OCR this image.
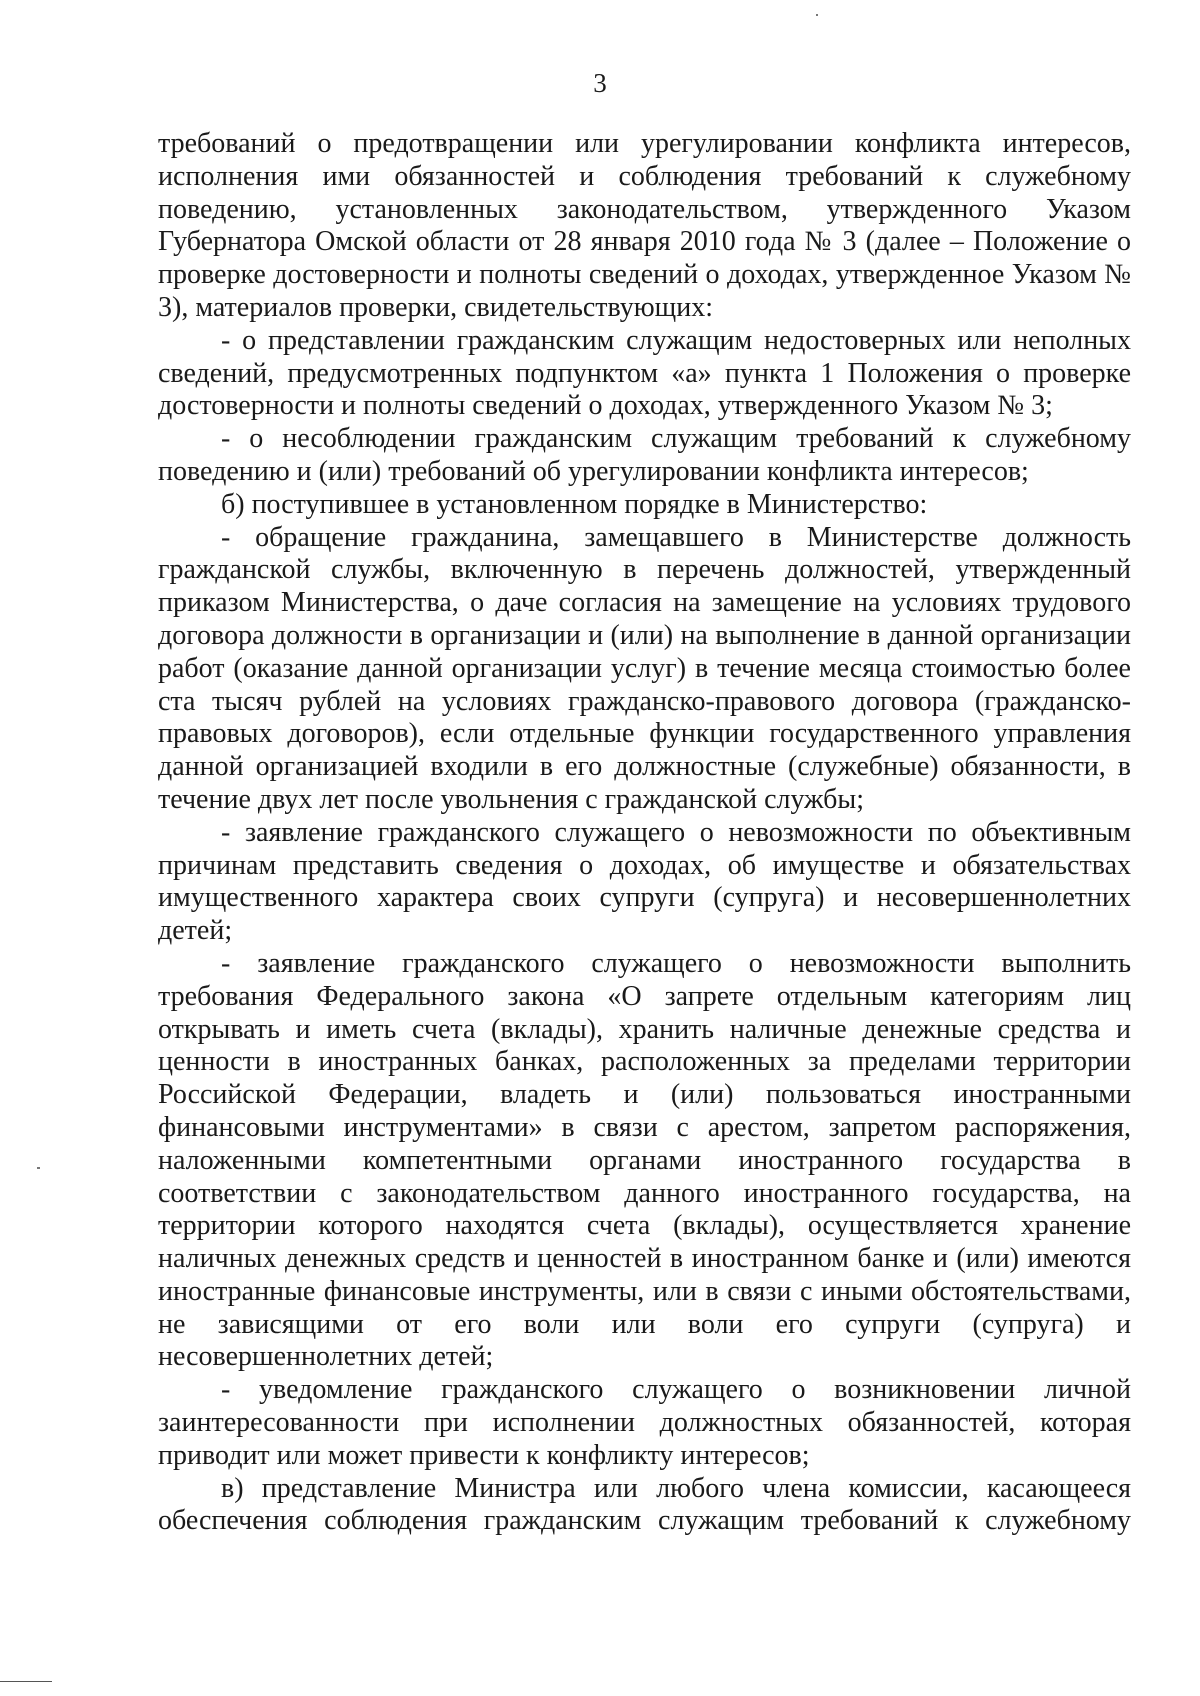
3

требований о предотвращении или урегулировании конфликта интересов, исполнения ими обязанностей и соблюдения требований к служебному поведению, установленных законодательством, утвержденного Указом Губернатора Омской области от 28 января 2010 года № 3 (далее – Положение о проверке достоверности и полноты сведений о доходах, утвержденное Указом № 3), материалов проверки, свидетельствующих:

- о представлении гражданским служащим недостоверных или неполных сведений, предусмотренных подпунктом «а» пункта 1 Положения о проверке достоверности и полноты сведений о доходах, утвержденного Указом № 3;

- о несоблюдении гражданским служащим требований к служебному поведению и (или) требований об урегулировании конфликта интересов;

б) поступившее в установленном порядке в Министерство:

- обращение гражданина, замещавшего в Министерстве должность гражданской службы, включенную в перечень должностей, утвержденный приказом Министерства, о даче согласия на замещение на условиях трудового договора должности в организации и (или) на выполнение в данной организации работ (оказание данной организации услуг) в течение месяца стоимостью более ста тысяч рублей на условиях гражданско-правового договора (гражданско-правовых договоров), если отдельные функции государственного управления данной организацией входили в его должностные (служебные) обязанности, в течение двух лет после увольнения с гражданской службы;

- заявление гражданского служащего о невозможности по объективным причинам представить сведения о доходах, об имуществе и обязательствах имущественного характера своих супруги (супруга) и несовершеннолетних детей;

- заявление гражданского служащего о невозможности выполнить требования Федерального закона «О запрете отдельным категориям лиц открывать и иметь счета (вклады), хранить наличные денежные средства и ценности в иностранных банках, расположенных за пределами территории Российской Федерации, владеть и (или) пользоваться иностранными финансовыми инструментами» в связи с арестом, запретом распоряжения, наложенными компетентными органами иностранного государства в соответствии с законодательством данного иностранного государства, на территории которого находятся счета (вклады), осуществляется хранение наличных денежных средств и ценностей в иностранном банке и (или) имеются иностранные финансовые инструменты, или в связи с иными обстоятельствами, не зависящими от его воли или воли его супруги (супруга) и несовершеннолетних детей;

- уведомление гражданского служащего о возникновении личной заинтересованности при исполнении должностных обязанностей, которая приводит или может привести к конфликту интересов;

в) представление Министра или любого члена комиссии, касающееся обеспечения соблюдения гражданским служащим требований к служебному
